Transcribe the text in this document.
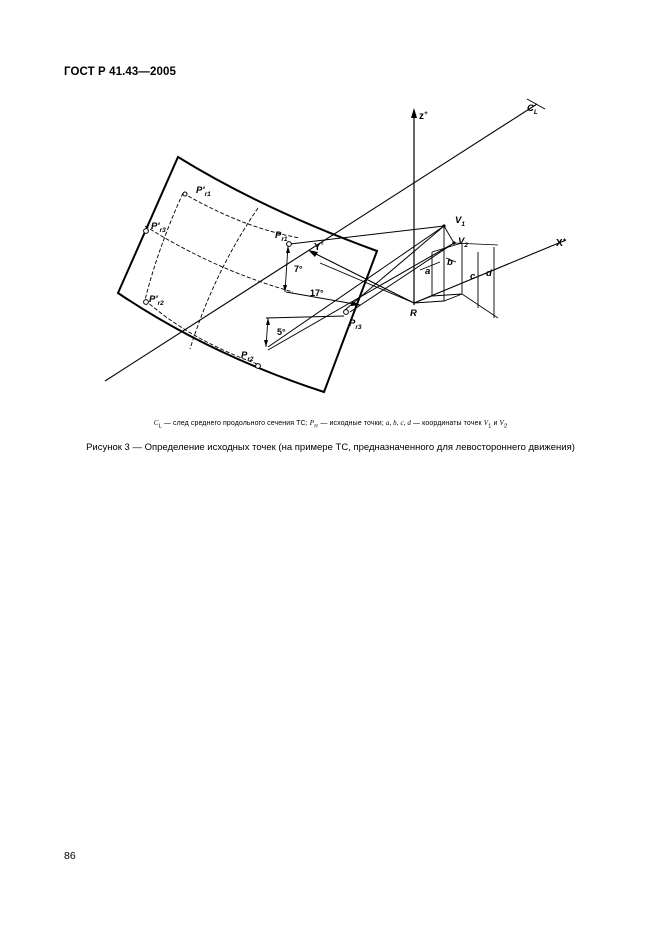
ГОСТ Р 41.43—2005
z+
X+
Y°
$C_L$
$V_1$
$V_2$
R
a
b
c d
7°
17°
5°
$P_{r1}$
$P_{r3}$
$P_{r2}$
$P'_{r1}$
$P'_{r3}$
$P'_{r2}$
$C_L$ — след среднего продольного сечения ТС; $P_{rr}$ — исходные точки; a, b, c, d — координаты точек $V_1$ и $V_2$
Рисунок 3 — Определение исходных точек (на примере ТС, предназначенного для левостороннего движения)
86
